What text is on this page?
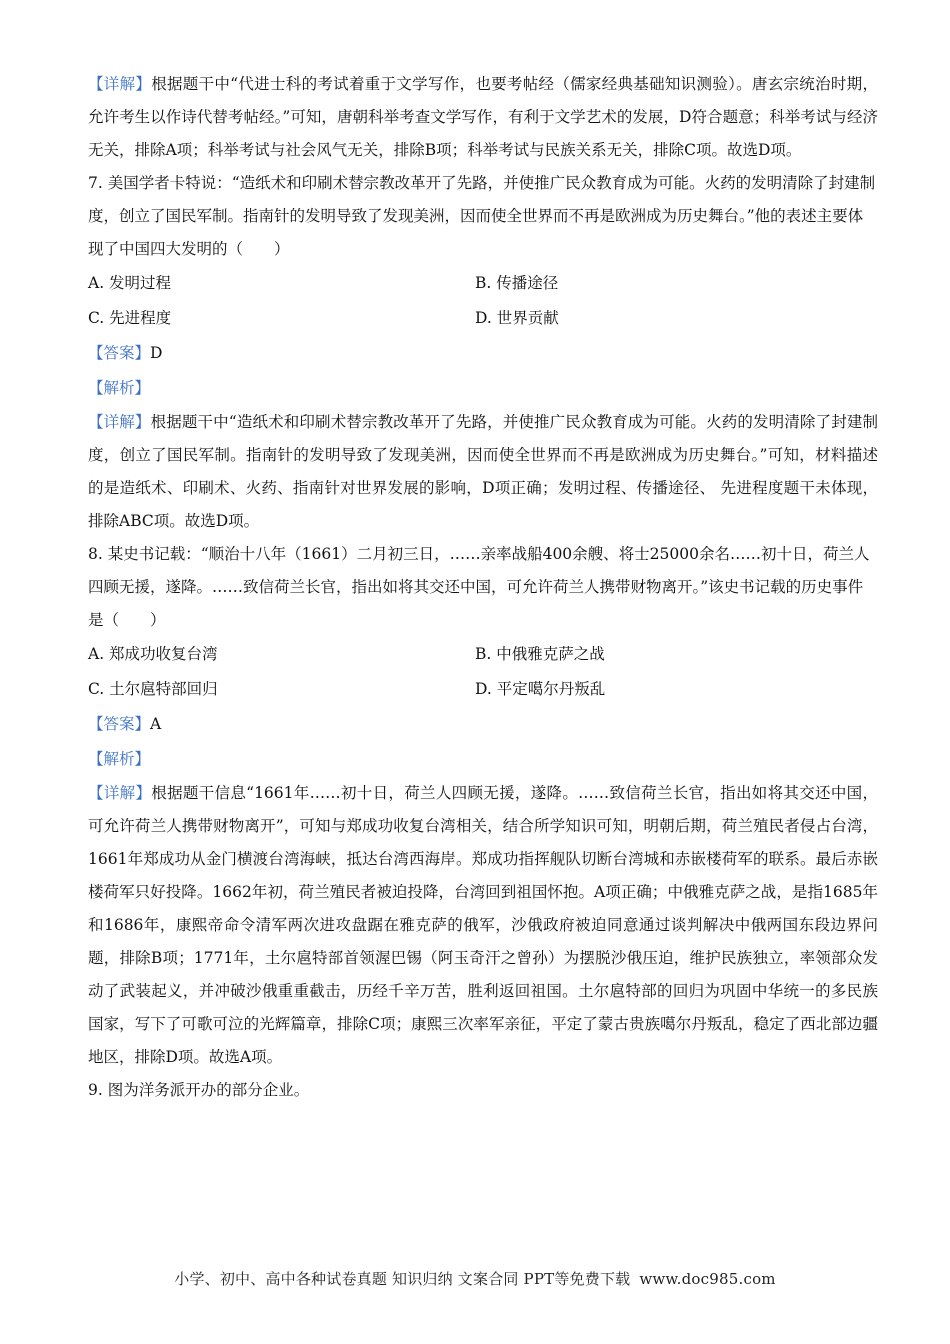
【详解】根据题干中“代进士科的考试着重于文学写作，也要考帖经（儒家经典基础知识测验）。唐玄宗统治时期，允许考生以作诗代替考帖经。”可知，唐朝科举考查文学写作，有利于文学艺术的发展，D符合题意；科举考试与经济无关，排除A项；科举考试与社会风气无关，排除B项；科举考试与民族关系无关，排除C项。故选D项。

7. 美国学者卡特说：“造纸术和印刷术替宗教改革开了先路，并使推广民众教育成为可能。火药的发明清除了封建制度，创立了国民军制。指南针的发明导致了发现美洲，因而使全世界而不再是欧洲成为历史舞台。”他的表述主要体现了中国四大发明的（　　）

A. 发明过程	B. 传播途径
C. 先进程度	D. 世界贡献

【答案】D

【解析】

【详解】根据题干中“造纸术和印刷术替宗教改革开了先路，并使推广民众教育成为可能。火药的发明清除了封建制度，创立了国民军制。指南针的发明导致了发现美洲，因而使全世界而不再是欧洲成为历史舞台。”可知，材料描述的是造纸术、印刷术、火药、指南针对世界发展的影响，D项正确；发明过程、传播途径、 先进程度题干未体现，排除ABC项。故选D项。

8. 某史书记载：“顺治十八年（1661）二月初三日，……亲率战船400余艘、将士25000余名……初十日，荷兰人四顾无援，遂降。……致信荷兰长官，指出如将其交还中国，可允许荷兰人携带财物离开。”该史书记载的历史事件是（　　）

A. 郑成功收复台湾	B. 中俄雅克萨之战
C. 土尔扈特部回归	D. 平定噶尔丹叛乱

【答案】A

【解析】

【详解】根据题干信息“1661年……初十日，荷兰人四顾无援，遂降。……致信荷兰长官，指出如将其交还中国，可允许荷兰人携带财物离开”，可知与郑成功收复台湾相关，结合所学知识可知，明朝后期，荷兰殖民者侵占台湾，1661年郑成功从金门横渡台湾海峡，抵达台湾西海岸。郑成功指挥舰队切断台湾城和赤嵌楼荷军的联系。最后赤嵌楼荷军只好投降。1662年初，荷兰殖民者被迫投降，台湾回到祖国怀抱。A项正确；中俄雅克萨之战，是指1685年和1686年，康熙帝命令清军两次进攻盘踞在雅克萨的俄军，沙俄政府被迫同意通过谈判解决中俄两国东段边界问题，排除B项；1771年，土尔扈特部首领渥巴锡（阿玉奇汗之曾孙）为摆脱沙俄压迫，维护民族独立，率领部众发动了武装起义，并冲破沙俄重重截击，历经千辛万苦，胜利返回祖国。土尔扈特部的回归为巩固中华统一的多民族国家，写下了可歌可泣的光辉篇章，排除C项；康熙三次率军亲征，平定了蒙古贵族噶尔丹叛乱，稳定了西北部边疆地区，排除D项。故选A项。

9. 图为洋务派开办的部分企业。

小学、初中、高中各种试卷真题 知识归纳 文案合同 PPT等免费下载 www.doc985.com
